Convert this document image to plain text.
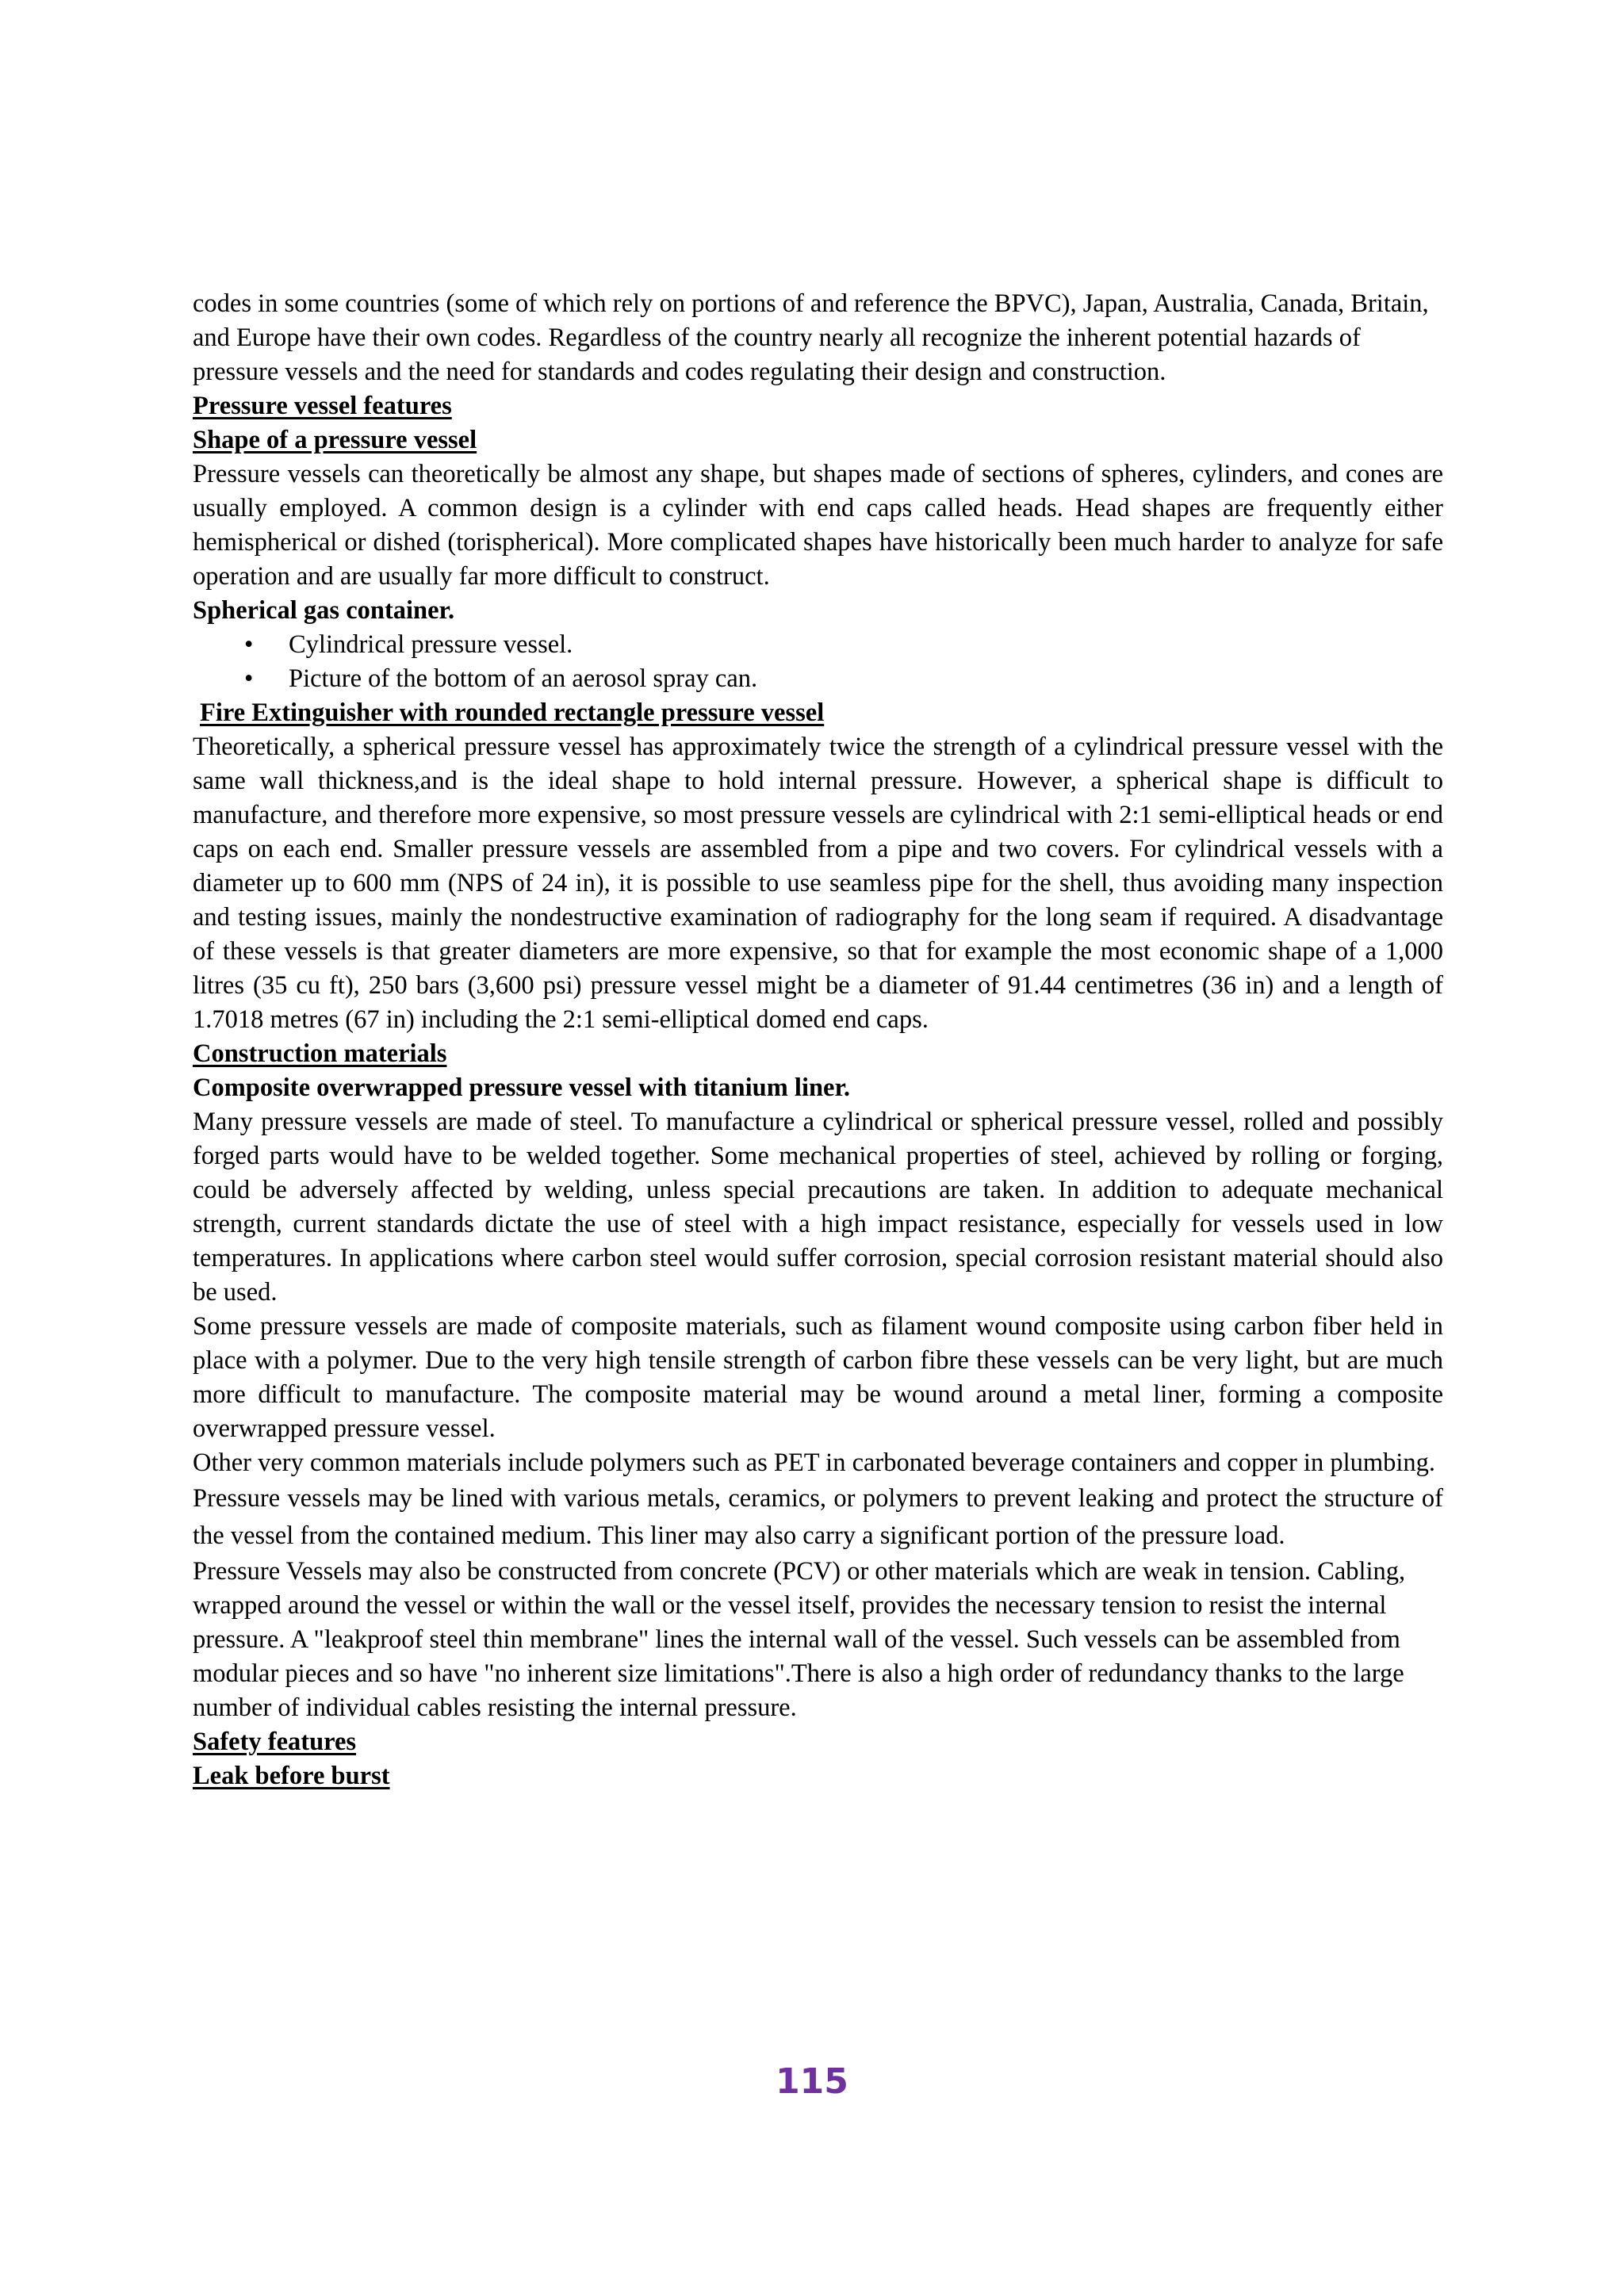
codes in some countries (some of which rely on portions of and reference the BPVC), Japan, Australia, Canada, Britain, and Europe have their own codes. Regardless of the country nearly all recognize the inherent potential hazards of pressure vessels and the need for standards and codes regulating their design and construction.

Pressure vessel features
Shape of a pressure vessel

Pressure vessels can theoretically be almost any shape, but shapes made of sections of spheres, cylinders, and cones are usually employed. A common design is a cylinder with end caps called heads. Head shapes are frequently either hemispherical or dished (torispherical). More complicated shapes have historically been much harder to analyze for safe operation and are usually far more difficult to construct.

Spherical gas container.
• Cylindrical pressure vessel.
• Picture of the bottom of an aerosol spray can.
Fire Extinguisher with rounded rectangle pressure vessel

Theoretically, a spherical pressure vessel has approximately twice the strength of a cylindrical pressure vessel with the same wall thickness,and is the ideal shape to hold internal pressure. However, a spherical shape is difficult to manufacture, and therefore more expensive, so most pressure vessels are cylindrical with 2:1 semi-elliptical heads or end caps on each end. Smaller pressure vessels are assembled from a pipe and two covers. For cylindrical vessels with a diameter up to 600 mm (NPS of 24 in), it is possible to use seamless pipe for the shell, thus avoiding many inspection and testing issues, mainly the nondestructive examination of radiography for the long seam if required. A disadvantage of these vessels is that greater diameters are more expensive, so that for example the most economic shape of a 1,000 litres (35 cu ft), 250 bars (3,600 psi) pressure vessel might be a diameter of 91.44 centimetres (36 in) and a length of 1.7018 metres (67 in) including the 2:1 semi-elliptical domed end caps.

Construction materials
Composite overwrapped pressure vessel with titanium liner.

Many pressure vessels are made of steel. To manufacture a cylindrical or spherical pressure vessel, rolled and possibly forged parts would have to be welded together. Some mechanical properties of steel, achieved by rolling or forging, could be adversely affected by welding, unless special precautions are taken. In addition to adequate mechanical strength, current standards dictate the use of steel with a high impact resistance, especially for vessels used in low temperatures. In applications where carbon steel would suffer corrosion, special corrosion resistant material should also be used.

Some pressure vessels are made of composite materials, such as filament wound composite using carbon fiber held in place with a polymer. Due to the very high tensile strength of carbon fibre these vessels can be very light, but are much more difficult to manufacture. The composite material may be wound around a metal liner, forming a composite overwrapped pressure vessel.

Other very common materials include polymers such as PET in carbonated beverage containers and copper in plumbing.

Pressure vessels may be lined with various metals, ceramics, or polymers to prevent leaking and protect the structure of the vessel from the contained medium. This liner may also carry a significant portion of the pressure load.

Pressure Vessels may also be constructed from concrete (PCV) or other materials which are weak in tension. Cabling, wrapped around the vessel or within the wall or the vessel itself, provides the necessary tension to resist the internal pressure. A "leakproof steel thin membrane" lines the internal wall of the vessel. Such vessels can be assembled from modular pieces and so have "no inherent size limitations".There is also a high order of redundancy thanks to the large number of individual cables resisting the internal pressure.

Safety features
Leak before burst
115
